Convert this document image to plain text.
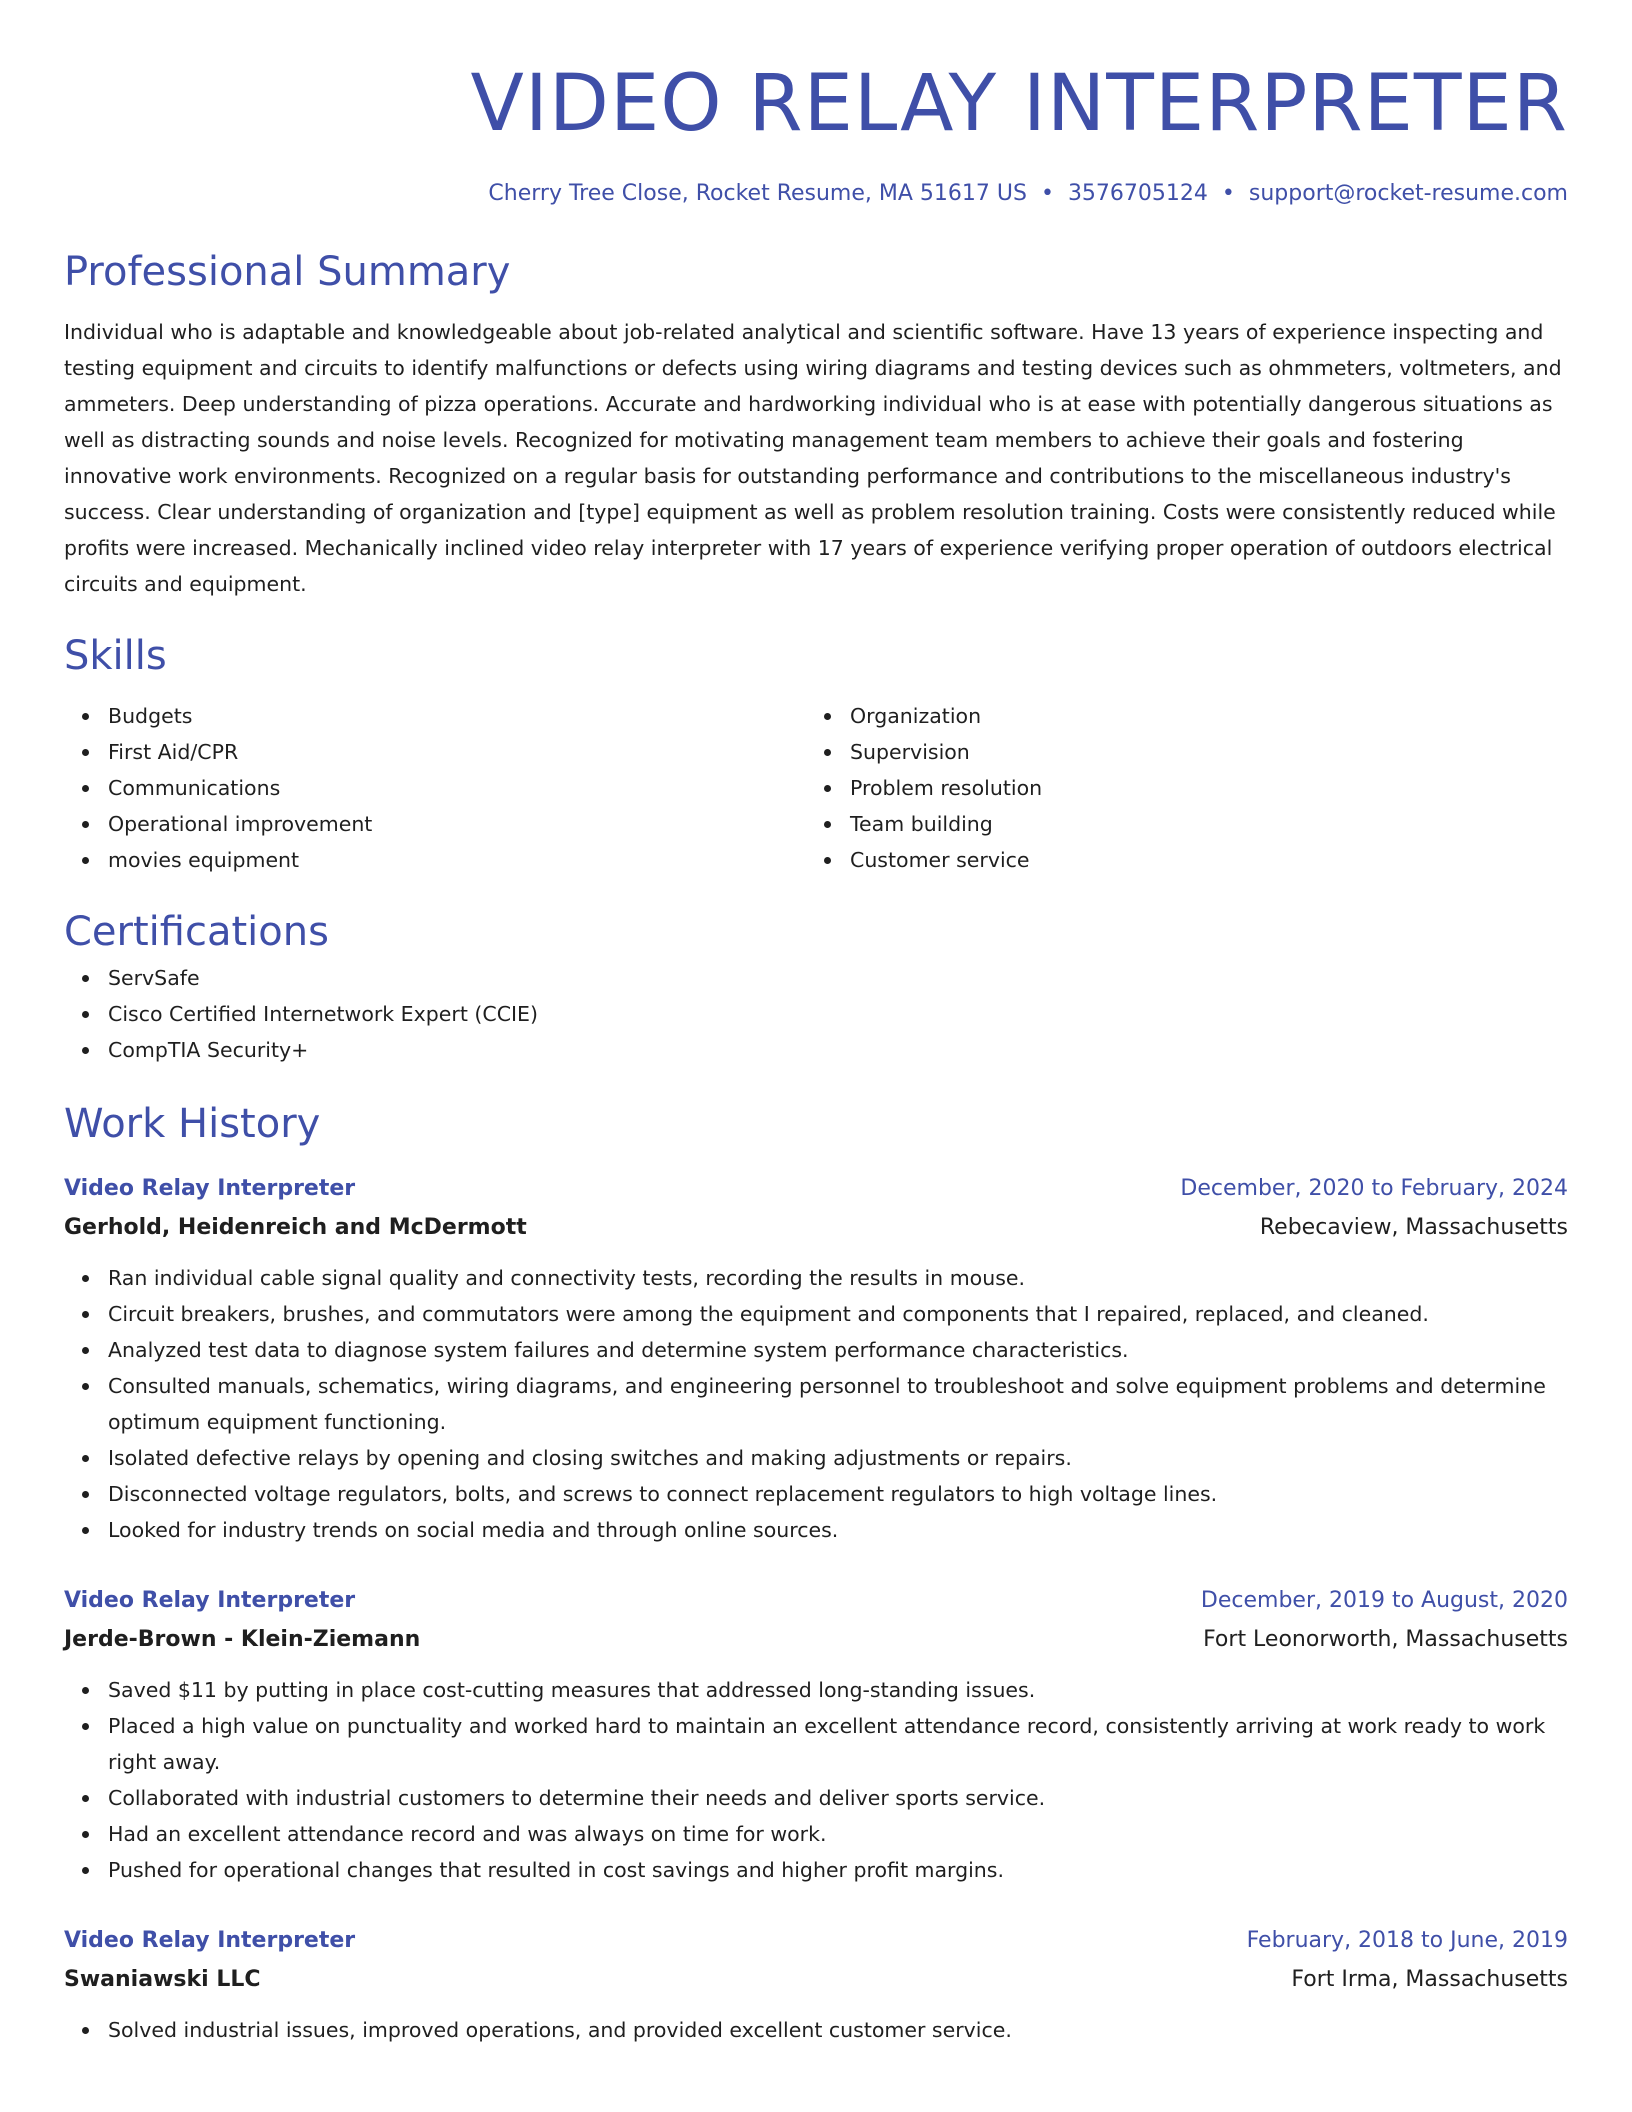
VIDEO RELAY INTERPRETER
Cherry Tree Close, Rocket Resume, MA 51617 US • 3576705124 • support@rocket-resume.com
Professional Summary

Individual who is adaptable and knowledgeable about job-related analytical and scientific software. Have 13 years of experience inspecting and testing equipment and circuits to identify malfunctions or defects using wiring diagrams and testing devices such as ohmmeters, voltmeters, and ammeters. Deep understanding of pizza operations. Accurate and hardworking individual who is at ease with potentially dangerous situations as well as distracting sounds and noise levels. Recognized for motivating management team members to achieve their goals and fostering innovative work environments. Recognized on a regular basis for outstanding performance and contributions to the miscellaneous industry's success. Clear understanding of organization and [type] equipment as well as problem resolution training. Costs were consistently reduced while profits were increased. Mechanically inclined video relay interpreter with 17 years of experience verifying proper operation of outdoors electrical circuits and equipment.

Skills
Budgets
First Aid/CPR
Communications
Operational improvement
movies equipment
Organization
Supervision
Problem resolution
Team building
Customer service
Certifications
ServSafe
Cisco Certified Internetwork Expert (CCIE)
CompTIA Security+
Work History
Video Relay Interpreter	December, 2020 to February, 2024
Gerhold, Heidenreich and McDermott	Rebecaview, Massachusetts
Ran individual cable signal quality and connectivity tests, recording the results in mouse.
Circuit breakers, brushes, and commutators were among the equipment and components that I repaired, replaced, and cleaned.
Analyzed test data to diagnose system failures and determine system performance characteristics.
Consulted manuals, schematics, wiring diagrams, and engineering personnel to troubleshoot and solve equipment problems and determine optimum equipment functioning.
Isolated defective relays by opening and closing switches and making adjustments or repairs.
Disconnected voltage regulators, bolts, and screws to connect replacement regulators to high voltage lines.
Looked for industry trends on social media and through online sources.
Video Relay Interpreter	December, 2019 to August, 2020
Jerde-Brown - Klein-Ziemann	Fort Leonorworth, Massachusetts
Saved $11 by putting in place cost-cutting measures that addressed long-standing issues.
Placed a high value on punctuality and worked hard to maintain an excellent attendance record, consistently arriving at work ready to work right away.
Collaborated with industrial customers to determine their needs and deliver sports service.
Had an excellent attendance record and was always on time for work.
Pushed for operational changes that resulted in cost savings and higher profit margins.
Video Relay Interpreter	February, 2018 to June, 2019
Swaniawski LLC	Fort Irma, Massachusetts
Solved industrial issues, improved operations, and provided excellent customer service.
